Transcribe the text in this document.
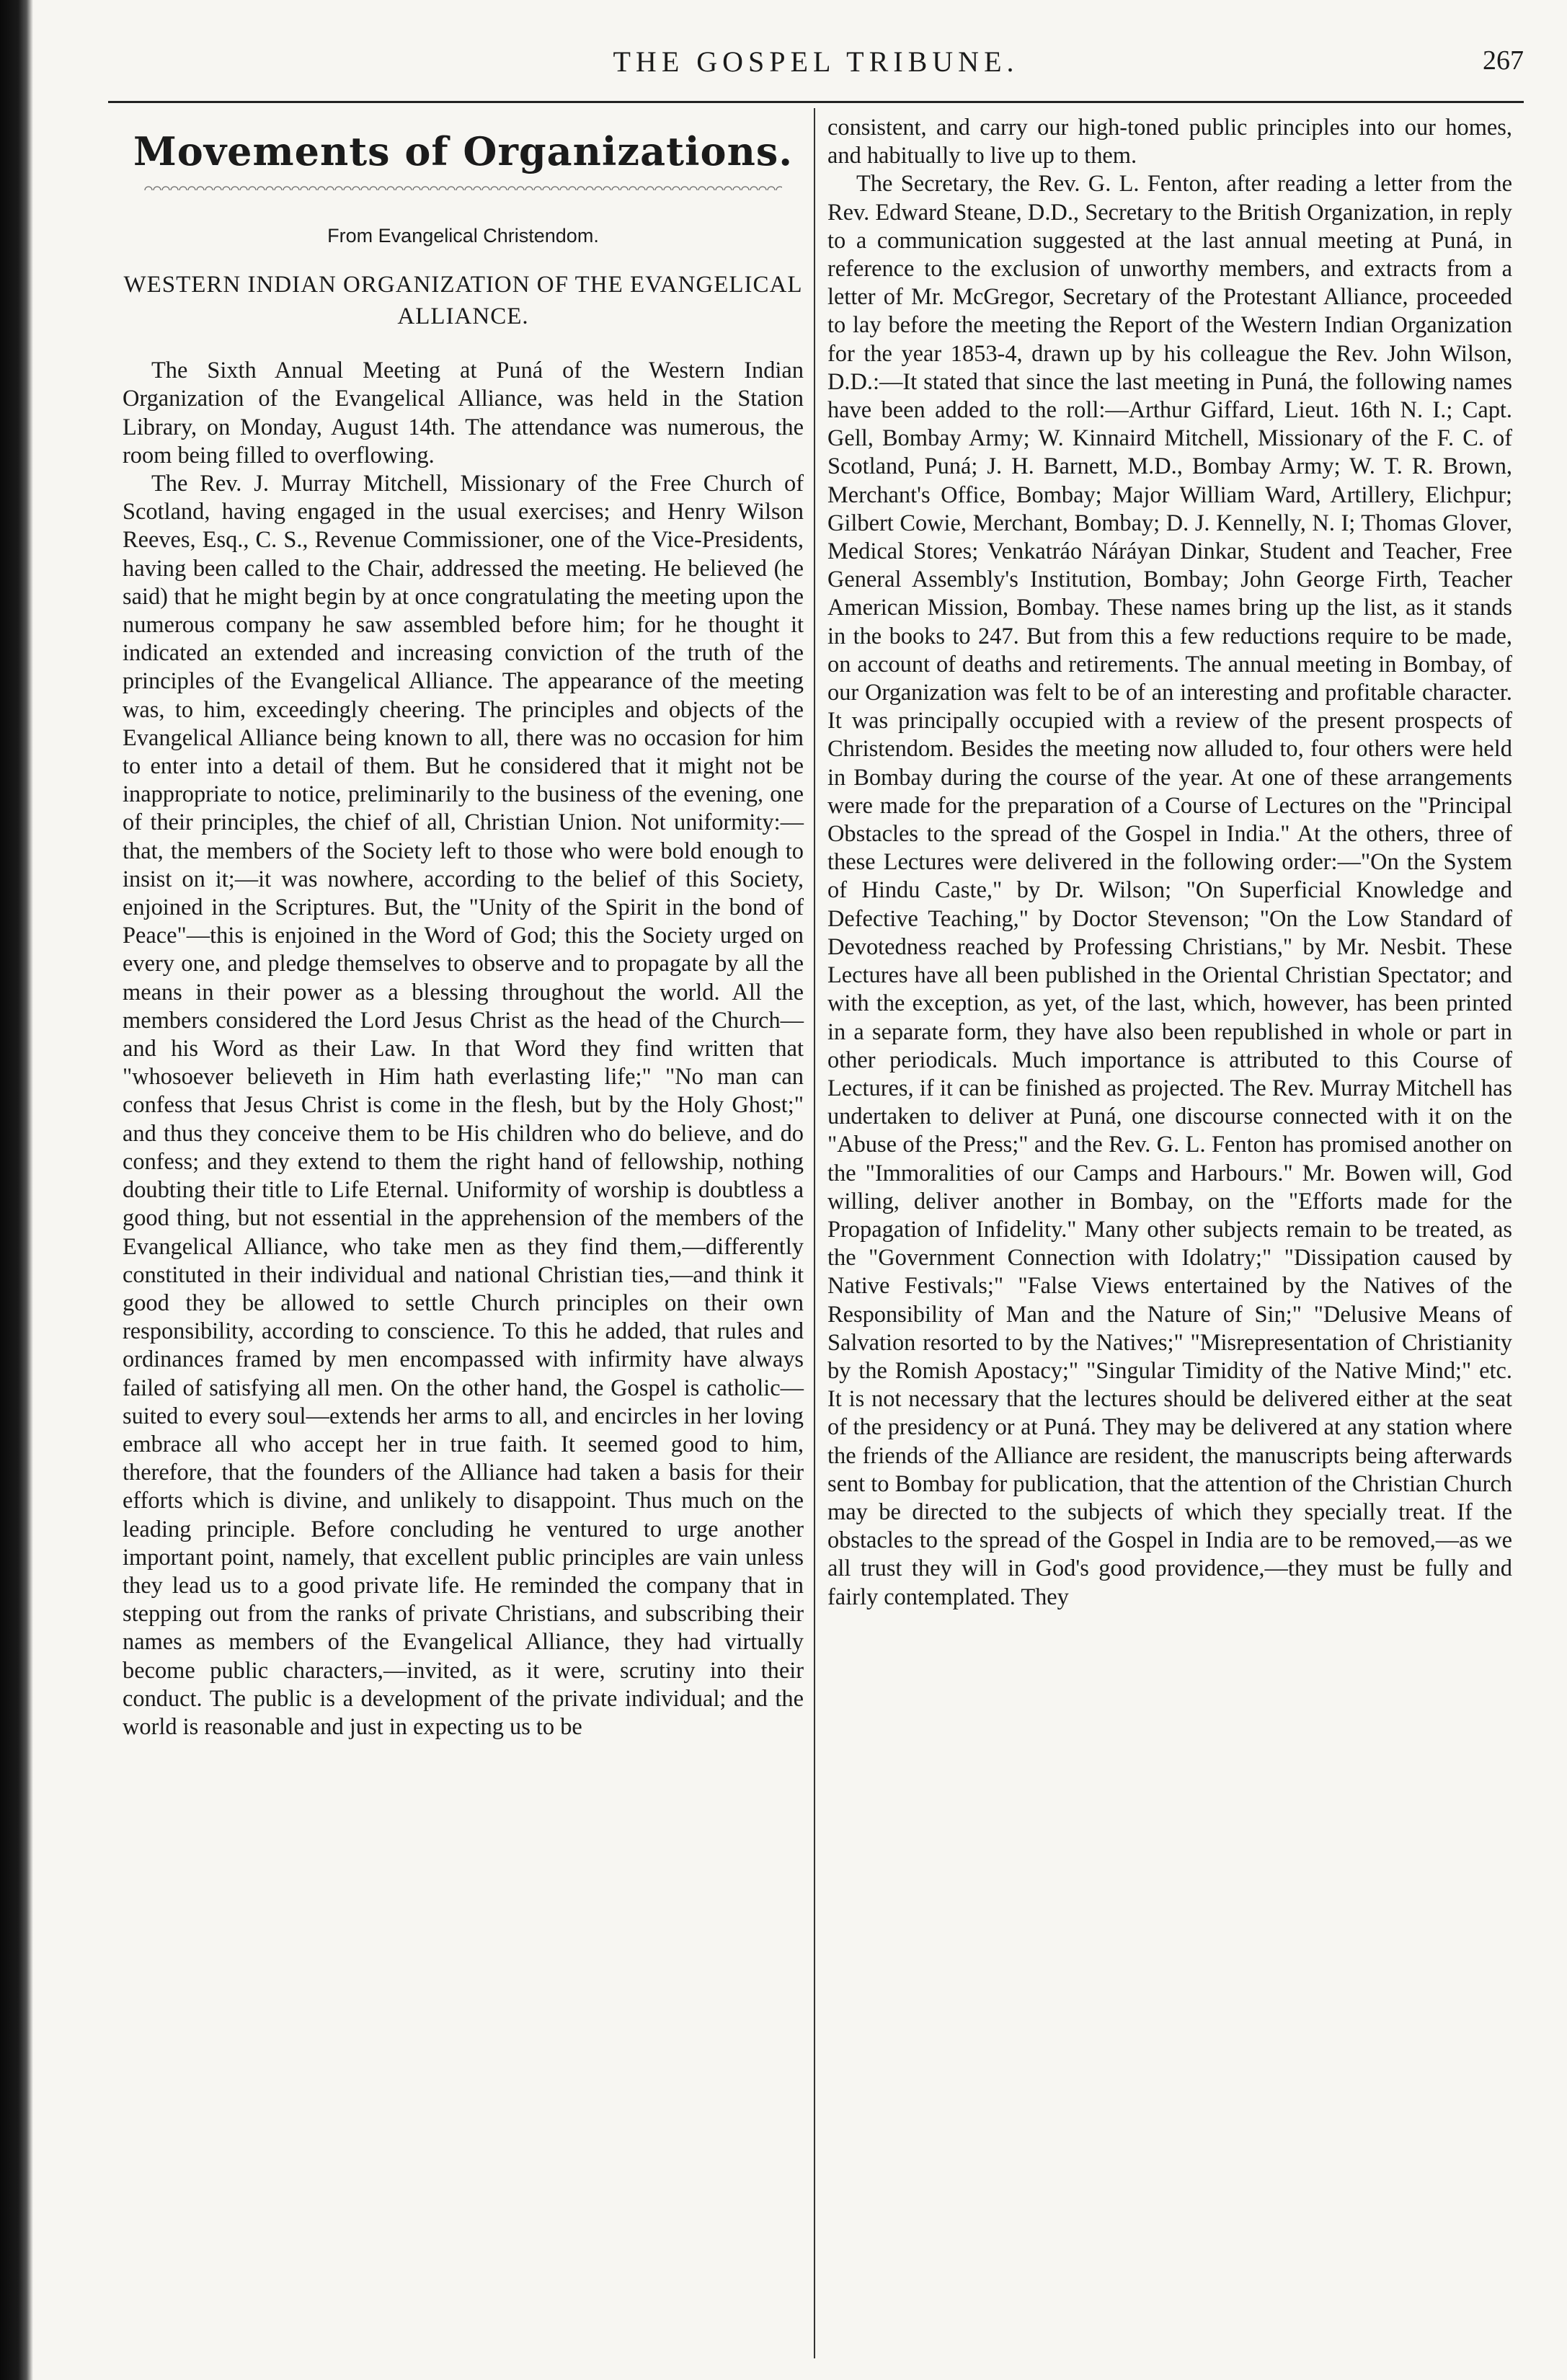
THE GOSPEL TRIBUNE.	267
Movements of Organizations.
From Evangelical Christendom.
WESTERN INDIAN ORGANIZATION OF THE EVANGELICAL ALLIANCE.

The Sixth Annual Meeting at Puná of the Western Indian Organization of the Evangelical Alliance, was held in the Station Library, on Monday, August 14th. The attendance was numerous, the room being filled to overflowing.

The Rev. J. Murray Mitchell, Missionary of the Free Church of Scotland, having engaged in the usual exercises; and Henry Wilson Reeves, Esq., C. S., Revenue Commissioner, one of the Vice-Presidents, having been called to the Chair, addressed the meeting. He believed (he said) that he might begin by at once congratulating the meeting upon the numerous company he saw assembled before him; for he thought it indicated an extended and increasing conviction of the truth of the principles of the Evangelical Alliance. The appearance of the meeting was, to him, exceedingly cheering. The principles and objects of the Evangelical Alliance being known to all, there was no occasion for him to enter into a detail of them. But he considered that it might not be inappropriate to notice, preliminarily to the business of the evening, one of their principles, the chief of all, Christian Union. Not uniformity:—that, the members of the Society left to those who were bold enough to insist on it;—it was nowhere, according to the belief of this Society, enjoined in the Scriptures. But, the "Unity of the Spirit in the bond of Peace"—this is enjoined in the Word of God; this the Society urged on every one, and pledge themselves to observe and to propagate by all the means in their power as a blessing throughout the world. All the members considered the Lord Jesus Christ as the head of the Church—and his Word as their Law. In that Word they find written that "whosoever believeth in Him hath everlasting life;" "No man can confess that Jesus Christ is come in the flesh, but by the Holy Ghost;" and thus they conceive them to be His children who do believe, and do confess; and they extend to them the right hand of fellowship, nothing doubting their title to Life Eternal. Uniformity of worship is doubtless a good thing, but not essential in the apprehension of the members of the Evangelical Alliance, who take men as they find them,—differently constituted in their individual and national Christian ties,—and think it good they be allowed to settle Church principles on their own responsibility, according to conscience. To this he added, that rules and ordinances framed by men encompassed with infirmity have always failed of satisfying all men. On the other hand, the Gospel is catholic—suited to every soul—extends her arms to all, and encircles in her loving embrace all who accept her in true faith. It seemed good to him, therefore, that the founders of the Alliance had taken a basis for their efforts which is divine, and unlikely to disappoint. Thus much on the leading principle. Before concluding he ventured to urge another important point, namely, that excellent public principles are vain unless they lead us to a good private life. He reminded the company that in stepping out from the ranks of private Christians, and subscribing their names as members of the Evangelical Alliance, they had virtually become public characters,—invited, as it were, scrutiny into their conduct. The public is a development of the private individual; and the world is reasonable and just in expecting us to be

consistent, and carry our high-toned public principles into our homes, and habitually to live up to them.

The Secretary, the Rev. G. L. Fenton, after reading a letter from the Rev. Edward Steane, D.D., Secretary to the British Organization, in reply to a communication suggested at the last annual meeting at Puná, in reference to the exclusion of unworthy members, and extracts from a letter of Mr. McGregor, Secretary of the Protestant Alliance, proceeded to lay before the meeting the Report of the Western Indian Organization for the year 1853-4, drawn up by his colleague the Rev. John Wilson, D.D.:—It stated that since the last meeting in Puná, the following names have been added to the roll:—Arthur Giffard, Lieut. 16th N. I.; Capt. Gell, Bombay Army; W. Kinnaird Mitchell, Missionary of the F. C. of Scotland, Puná; J. H. Barnett, M.D., Bombay Army; W. T. R. Brown, Merchant's Office, Bombay; Major William Ward, Artillery, Elichpur; Gilbert Cowie, Merchant, Bombay; D. J. Kennelly, N. I; Thomas Glover, Medical Stores; Venkatráo Náráyan Dinkar, Student and Teacher, Free General Assembly's Institution, Bombay; John George Firth, Teacher American Mission, Bombay. These names bring up the list, as it stands in the books to 247. But from this a few reductions require to be made, on account of deaths and retirements. The annual meeting in Bombay, of our Organization was felt to be of an interesting and profitable character. It was principally occupied with a review of the present prospects of Christendom. Besides the meeting now alluded to, four others were held in Bombay during the course of the year. At one of these arrangements were made for the preparation of a Course of Lectures on the "Principal Obstacles to the spread of the Gospel in India." At the others, three of these Lectures were delivered in the following order:—"On the System of Hindu Caste," by Dr. Wilson; "On Superficial Knowledge and Defective Teaching," by Doctor Stevenson; "On the Low Standard of Devotedness reached by Professing Christians," by Mr. Nesbit. These Lectures have all been published in the Oriental Christian Spectator; and with the exception, as yet, of the last, which, however, has been printed in a separate form, they have also been republished in whole or part in other periodicals. Much importance is attributed to this Course of Lectures, if it can be finished as projected. The Rev. Murray Mitchell has undertaken to deliver at Puná, one discourse connected with it on the "Abuse of the Press;" and the Rev. G. L. Fenton has promised another on the "Immoralities of our Camps and Harbours." Mr. Bowen will, God willing, deliver another in Bombay, on the "Efforts made for the Propagation of Infidelity." Many other subjects remain to be treated, as the "Government Connection with Idolatry;" "Dissipation caused by Native Festivals;" "False Views entertained by the Natives of the Responsibility of Man and the Nature of Sin;" "Delusive Means of Salvation resorted to by the Natives;" "Misrepresentation of Christianity by the Romish Apostacy;" "Singular Timidity of the Native Mind;" etc. It is not necessary that the lectures should be delivered either at the seat of the presidency or at Puná. They may be delivered at any station where the friends of the Alliance are resident, the manuscripts being afterwards sent to Bombay for publication, that the attention of the Christian Church may be directed to the subjects of which they specially treat. If the obstacles to the spread of the Gospel in India are to be removed,—as we all trust they will in God's good providence,—they must be fully and fairly contemplated. They
